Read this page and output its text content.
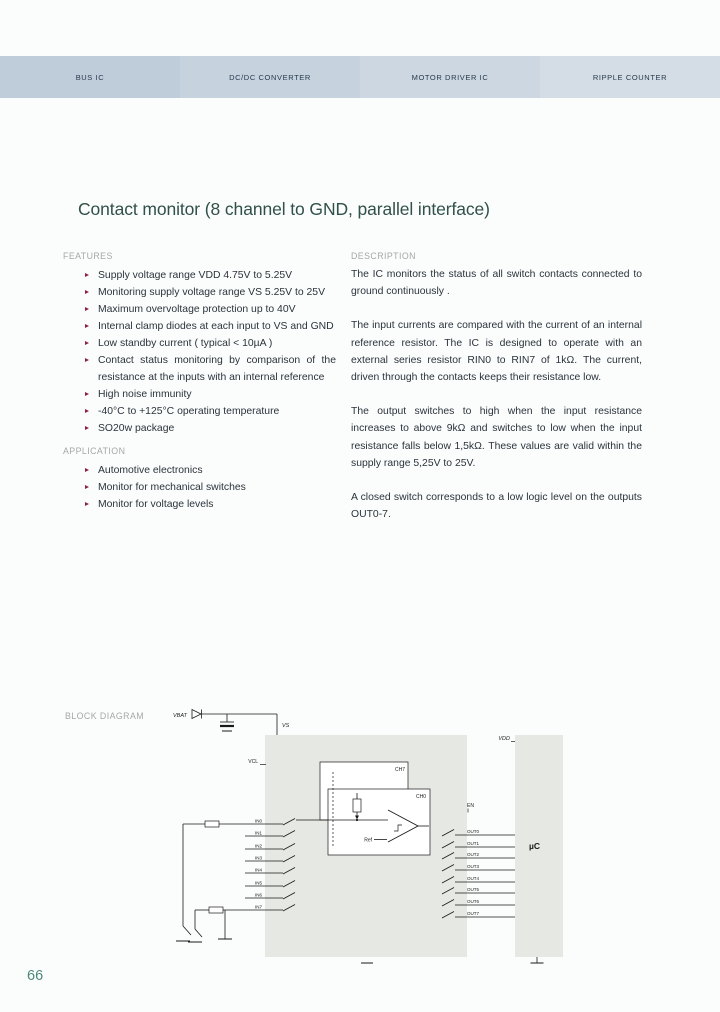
BUS IC	DC/DC CONVERTER	MOTOR DRIVER IC	RIPPLE COUNTER
Contact monitor (8 channel to GND, parallel interface)
FEATURES
Supply voltage range VDD 4.75V to 5.25V
Monitoring supply voltage range VS 5.25V to 25V
Maximum overvoltage protection up to 40V
Internal clamp diodes at each input to VS and GND
Low standby current ( typical < 10µA )
Contact status monitoring by comparison of the resistance at the inputs with an internal reference
High noise immunity
-40°C to +125°C operating temperature
SO20w package
APPLICATION
Automotive electronics
Monitor for mechanical switches
Monitor for voltage levels
DESCRIPTION

The IC monitors the status of all switch contacts connected to ground continuously .

The input currents are compared with the current of an internal reference resistor. The IC is designed to operate with an external series resistor RIN0 to RIN7 of 1kΩ. The current, driven through the contacts keeps their resistance low.

The output switches to high when the input resistance increases to above 9kΩ and switches to low when the input resistance falls below 1,5kΩ. These values are valid within the supply range 5,25V to 25V.

A closed switch corresponds to a low logic level on the outputs OUT0-7.

BLOCK DIAGRAM	VBAT
VS
µC
VCL
VDD
CH7
CH0
Ref
IN0
IN1
IN2
IN3
IN4
IN5
IN6
IN7
EN
OUT0
OUT1
OUT2
OUT3
OUT4
OUT5
OUT6
OUT7
66
